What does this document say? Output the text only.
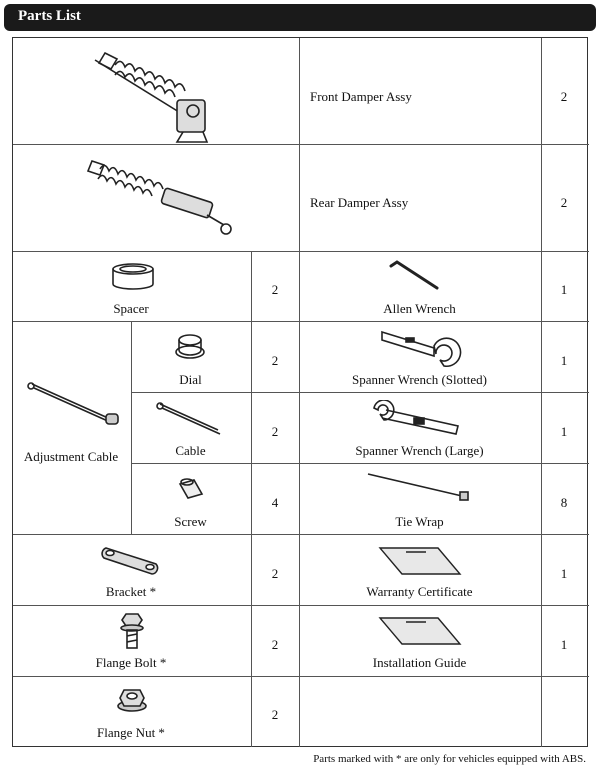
Parts List
Front Damper Assy	2
Rear Damper Assy	2
Spacer
2
Allen Wrench
1
Adjustment Cable
Dial
2
Spanner Wrench (Slotted)
1
Cable
2
Spanner Wrench (Large)
1
Screw
4
Tie Wrap
8
Bracket *
2
Warranty Certificate
1
Flange Bolt *
2
Installation Guide
1
Flange Nut *
2
Parts marked with * are only for vehicles equipped with ABS.
